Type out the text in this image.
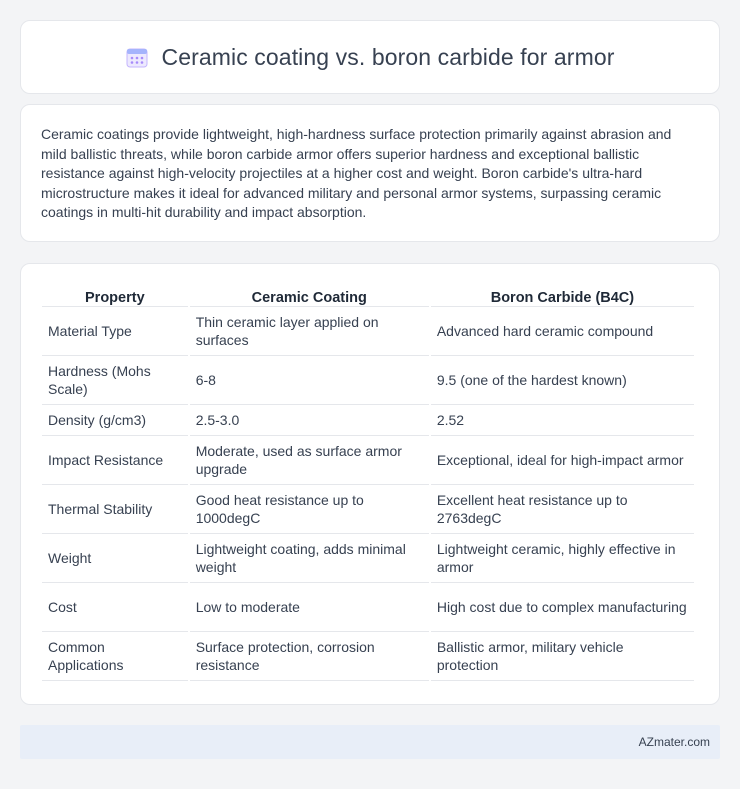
Ceramic coating vs. boron carbide for armor

Ceramic coatings provide lightweight, high-hardness surface protection primarily against abrasion and mild ballistic threats, while boron carbide armor offers superior hardness and exceptional ballistic resistance against high-velocity projectiles at a higher cost and weight. Boron carbide's ultra-hard microstructure makes it ideal for advanced military and personal armor systems, surpassing ceramic coatings in multi-hit durability and impact absorption.

Property	Ceramic Coating	Boron Carbide (B4C)
Material Type	Thin ceramic layer applied on surfaces	Advanced hard ceramic compound
Hardness (Mohs Scale)	6-8	9.5 (one of the hardest known)
Density (g/cm3)	2.5-3.0	2.52
Impact Resistance	Moderate, used as surface armor upgrade	Exceptional, ideal for high-impact armor
Thermal Stability	Good heat resistance up to 1000degC	Excellent heat resistance up to 2763degC
Weight	Lightweight coating, adds minimal weight	Lightweight ceramic, highly effective in armor
Cost	Low to moderate	High cost due to complex manufacturing
Common Applications	Surface protection, corrosion resistance	Ballistic armor, military vehicle protection
AZmater.com
